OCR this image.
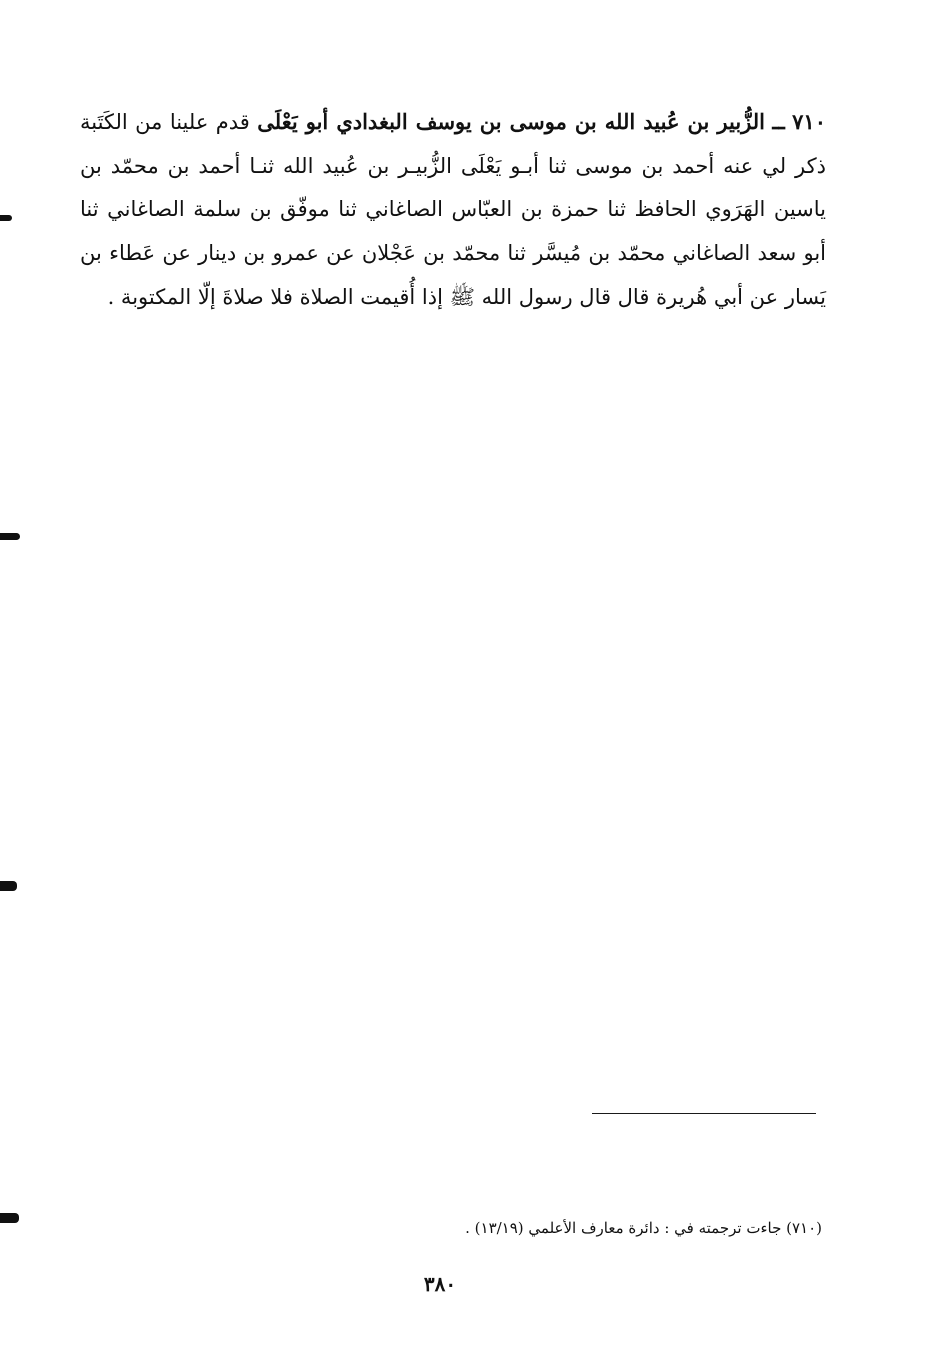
٧١٠ ــ الزُّبير بن عُبيد الله بن موسى بن يوسف البغدادي أبو يَعْلَى قدم علينا من الكَتَبة ذكر لي عنه أحمد بن موسى ثنا أبـو يَعْلَى الزُّبيـر بن عُبيد الله ثنـا أحمد بن محمّد بن ياسين الهَرَوي الحافظ ثنا حمزة بن العبّاس الصاغاني ثنا موفّق بن سلمة الصاغاني ثنا أبو سعد الصاغاني محمّد بن مُيسَّر ثنا محمّد بن عَجْلان عن عمرو بن دينار عن عَطاء بن يَسار عن أبي هُريرة قال قال رسول الله ﷺ إذا أُقيمت الصلاة فلا صلاةَ إلّا المكتوبة .
(٧١٠) جاءت ترجمته في : دائرة معارف الأعلمي (١٣/١٩) .
٣٨٠
